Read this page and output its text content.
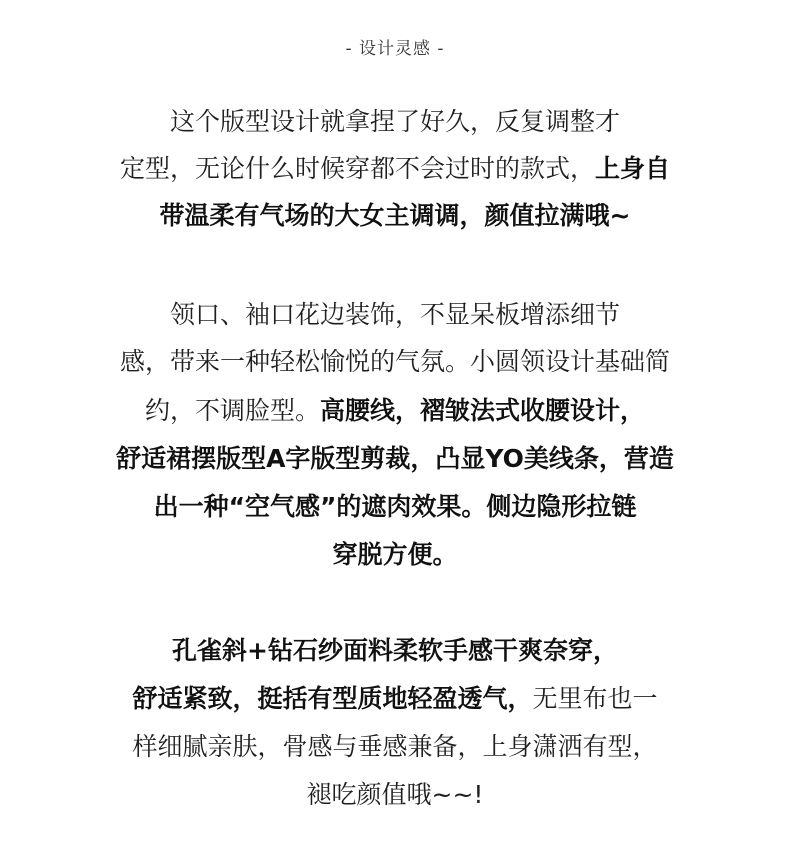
- 设计灵感 -
这个版型设计就拿捏了好久，反复调整才
定型，无论什么时候穿都不会过时的款式，上身自
带温柔有气场的大女主调调，颜值拉满哦~
领口、袖口花边装饰，不显呆板增添细节
感，带来一种轻松愉悦的气氛。小圆领设计基础简
约，不调脸型。高腰线，褶皱法式收腰设计，
舒适裙摆版型A字版型剪裁，凸显YO美线条，营造
出一种“空气感”的遮肉效果。侧边隐形拉链
穿脱方便。
孔雀斜+钻石纱面料柔软手感干爽奈穿，
舒适紧致，挺括有型质地轻盈透气，无里布也一
样细腻亲肤，骨感与垂感兼备，上身潇洒有型，
褪吃颜值哦~~!
